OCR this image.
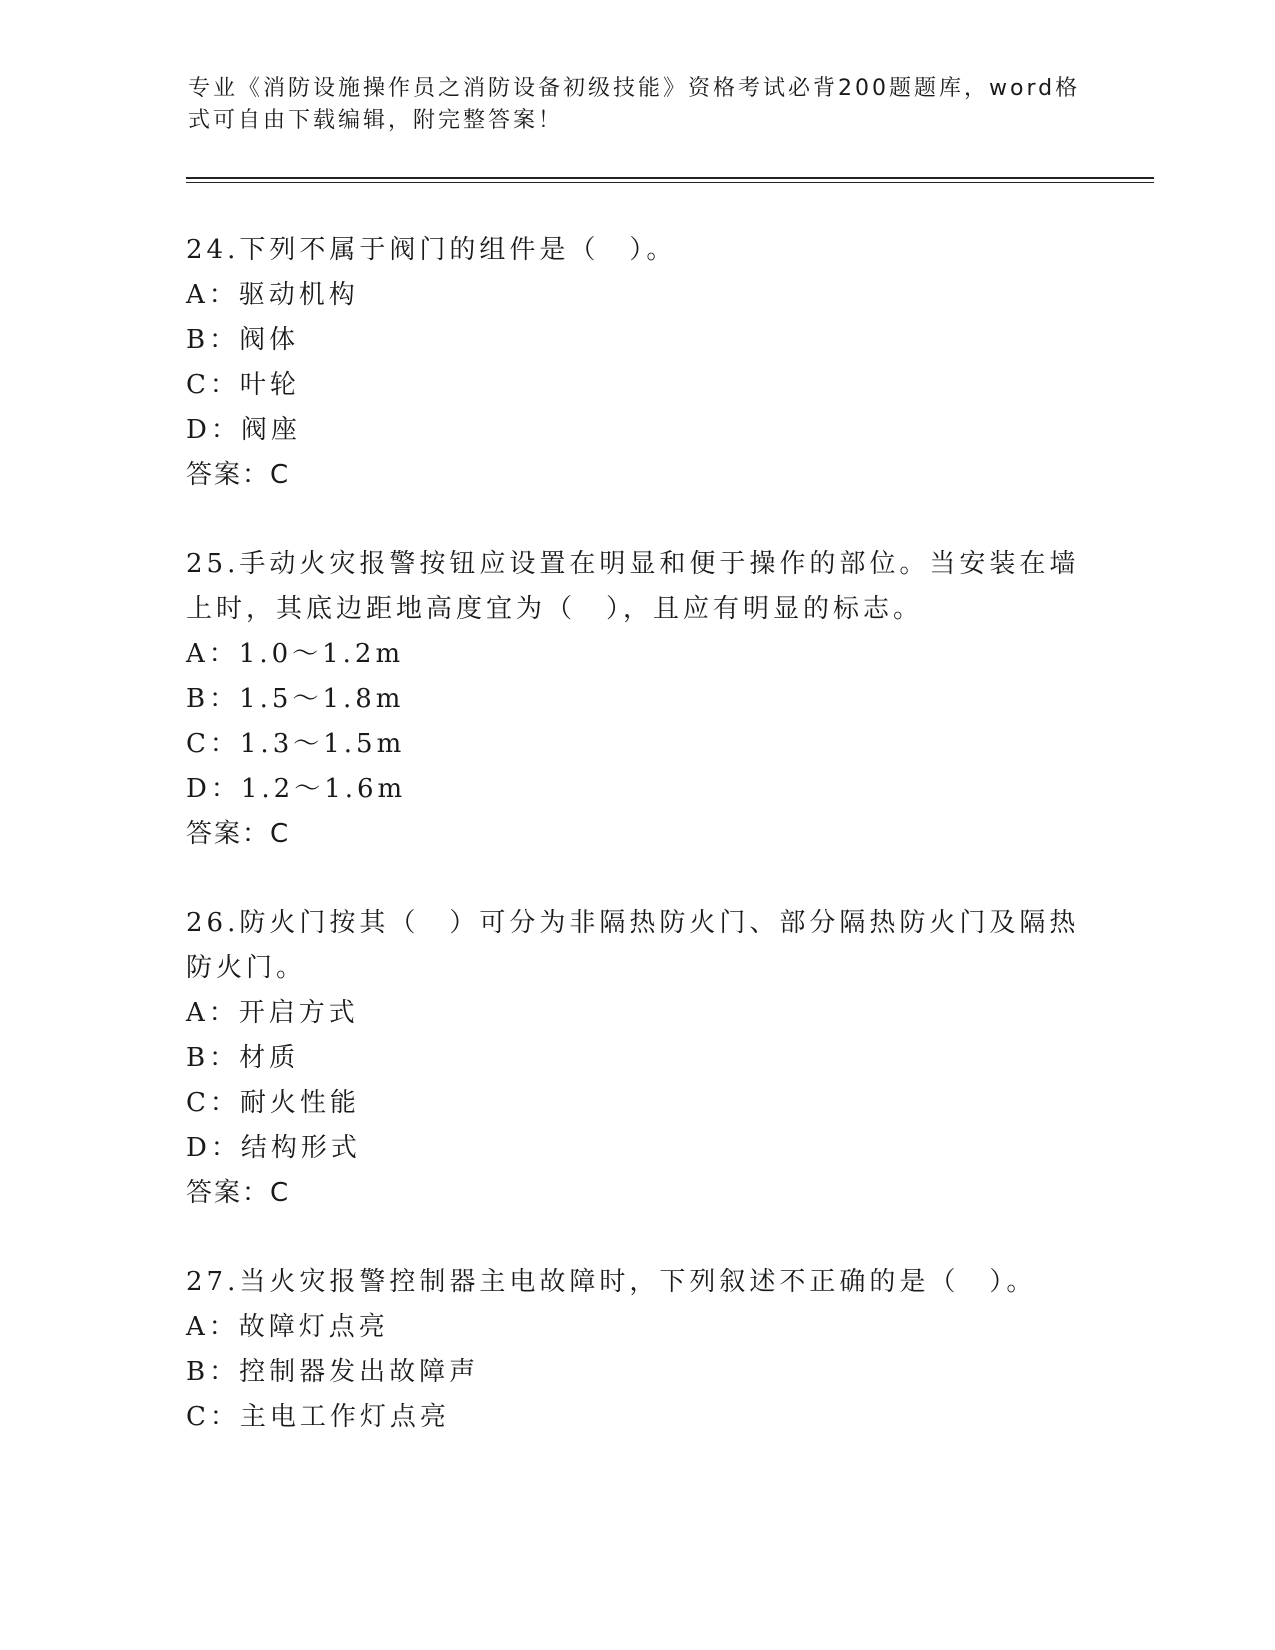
专业《消防设施操作员之消防设备初级技能》资格考试必背200题题库，word格式可自由下载编辑，附完整答案！
24.下列不属于阀门的组件是（　）。
A：驱动机构
B：阀体
C：叶轮
D：阀座
答案：C
25.手动火灾报警按钮应设置在明显和便于操作的部位。当安装在墙上时，其底边距地高度宜为（　），且应有明显的标志。
A：1.0～1.2m
B：1.5～1.8m
C：1.3～1.5m
D：1.2～1.6m
答案：C
26.防火门按其（　）可分为非隔热防火门、部分隔热防火门及隔热防火门。
A：开启方式
B：材质
C：耐火性能
D：结构形式
答案：C
27.当火灾报警控制器主电故障时，下列叙述不正确的是（　）。
A：故障灯点亮
B：控制器发出故障声
C：主电工作灯点亮
